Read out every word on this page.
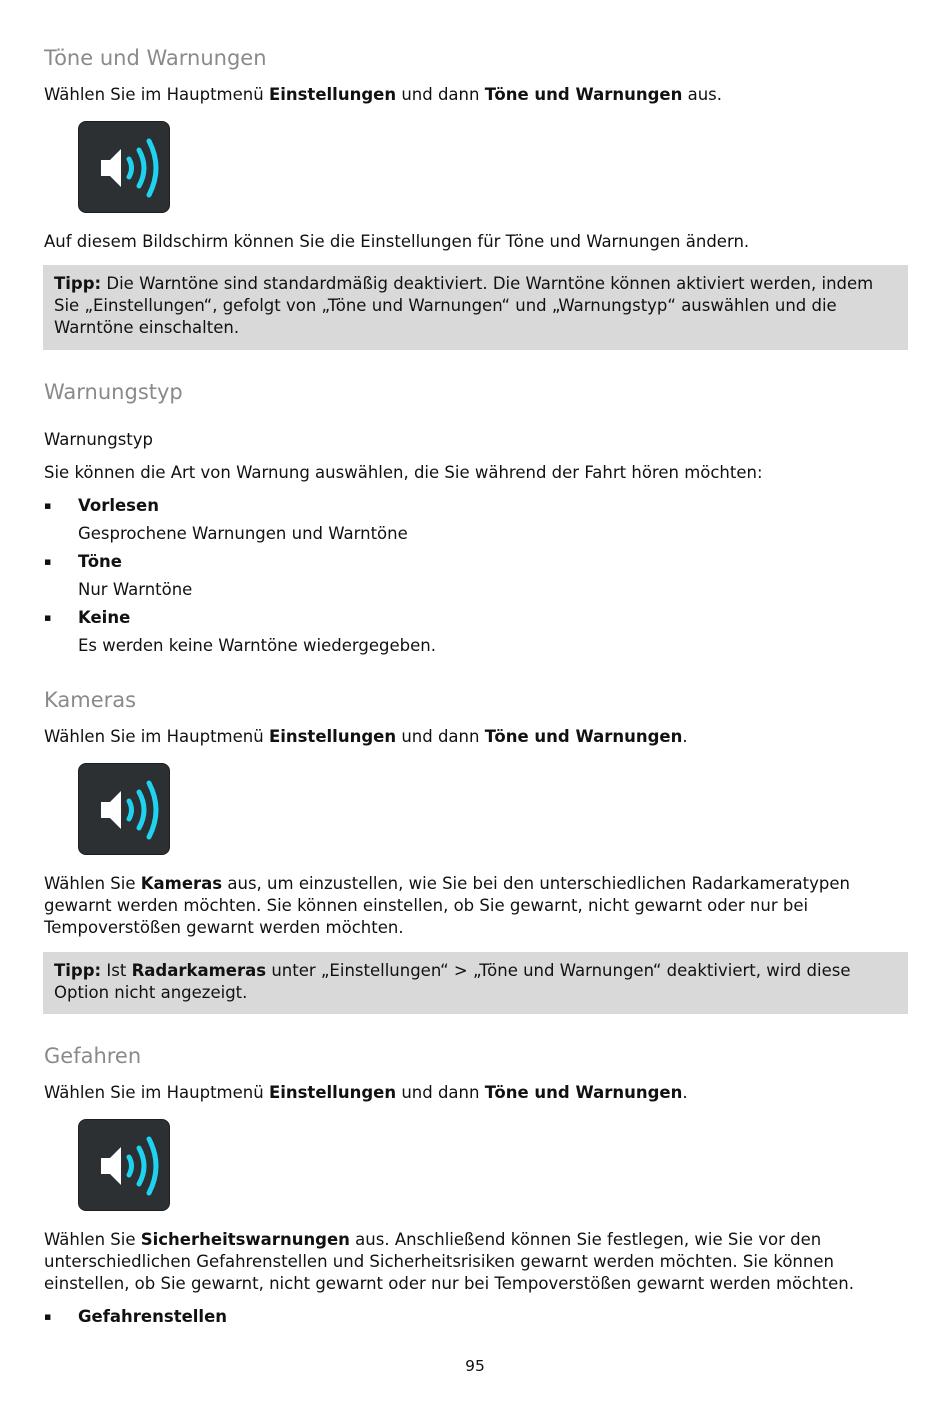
Töne und Warnungen

Wählen Sie im Hauptmenü Einstellungen und dann Töne und Warnungen aus.

Auf diesem Bildschirm können Sie die Einstellungen für Töne und Warnungen ändern.

Tipp: Die Warntöne sind standardmäßig deaktiviert. Die Warntöne können aktiviert werden, indem Sie „Einstellungen“, gefolgt von „Töne und Warnungen“ und „Warnungstyp“ auswählen und die Warntöne einschalten.
Warnungstyp

Warnungstyp

Sie können die Art von Warnung auswählen, die Sie während der Fahrt hören möchten:

▪ Vorlesen
Gesprochene Warnungen und Warntöne
▪ Töne
Nur Warntöne
▪ Keine
Es werden keine Warntöne wiedergegeben.
Kameras

Wählen Sie im Hauptmenü Einstellungen und dann Töne und Warnungen.

Wählen Sie Kameras aus, um einzustellen, wie Sie bei den unterschiedlichen Radarkameratypen gewarnt werden möchten. Sie können einstellen, ob Sie gewarnt, nicht gewarnt oder nur bei Tempoverstößen gewarnt werden möchten.

Tipp: Ist Radarkameras unter „Einstellungen“ > „Töne und Warnungen“ deaktiviert, wird diese Option nicht angezeigt.
Gefahren

Wählen Sie im Hauptmenü Einstellungen und dann Töne und Warnungen.

Wählen Sie Sicherheitswarnungen aus. Anschließend können Sie festlegen, wie Sie vor den unterschiedlichen Gefahrenstellen und Sicherheitsrisiken gewarnt werden möchten. Sie können einstellen, ob Sie gewarnt, nicht gewarnt oder nur bei Tempoverstößen gewarnt werden möchten.

▪ Gefahrenstellen
95
